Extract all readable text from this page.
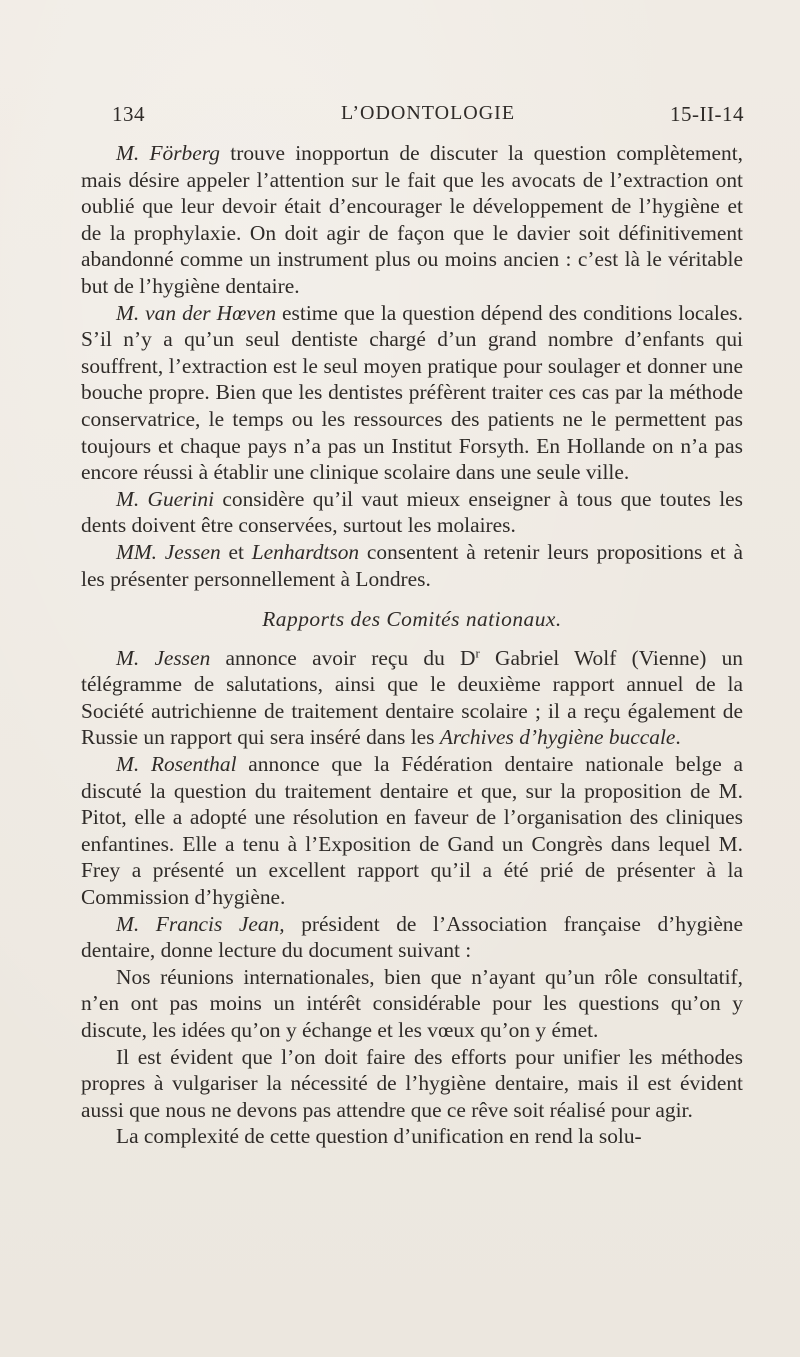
134	L’ODONTOLOGIE	15-II-14

M. Förberg trouve inopportun de discuter la question complètement, mais désire appeler l’attention sur le fait que les avocats de l’extraction ont oublié que leur devoir était d’encourager le développement de l’hygiène et de la prophylaxie. On doit agir de façon que le davier soit définitivement abandonné comme un instrument plus ou moins ancien : c’est là le véritable but de l’hygiène dentaire.

M. van der Hœven estime que la question dépend des conditions locales. S’il n’y a qu’un seul dentiste chargé d’un grand nombre d’enfants qui souffrent, l’extraction est le seul moyen pratique pour soulager et donner une bouche propre. Bien que les dentistes préfèrent traiter ces cas par la méthode conservatrice, le temps ou les ressources des patients ne le permettent pas toujours et chaque pays n’a pas un Institut Forsyth. En Hollande on n’a pas encore réussi à établir une clinique scolaire dans une seule ville.

M. Guerini considère qu’il vaut mieux enseigner à tous que toutes les dents doivent être conservées, surtout les molaires.

MM. Jessen et Lenhardtson consentent à retenir leurs propositions et à les présenter personnellement à Londres.

Rapports des Comités nationaux.

M. Jessen annonce avoir reçu du $D^r$ Gabriel Wolf (Vienne) un télégramme de salutations, ainsi que le deuxième rapport annuel de la Société autrichienne de traitement dentaire scolaire ; il a reçu également de Russie un rapport qui sera inséré dans les Archives d’hygiène buccale.

M. Rosenthal annonce que la Fédération dentaire nationale belge a discuté la question du traitement dentaire et que, sur la proposition de M. Pitot, elle a adopté une résolution en faveur de l’organisation des cliniques enfantines. Elle a tenu à l’Exposition de Gand un Congrès dans lequel M. Frey a présenté un excellent rapport qu’il a été prié de présenter à la Commission d’hygiène.

M. Francis Jean, président de l’Association française d’hygiène dentaire, donne lecture du document suivant :

Nos réunions internationales, bien que n’ayant qu’un rôle consultatif, n’en ont pas moins un intérêt considérable pour les questions qu’on y discute, les idées qu’on y échange et les vœux qu’on y émet.

Il est évident que l’on doit faire des efforts pour unifier les méthodes propres à vulgariser la nécessité de l’hygiène dentaire, mais il est évident aussi que nous ne devons pas attendre que ce rêve soit réalisé pour agir.

La complexité de cette question d’unification en rend la solu-
